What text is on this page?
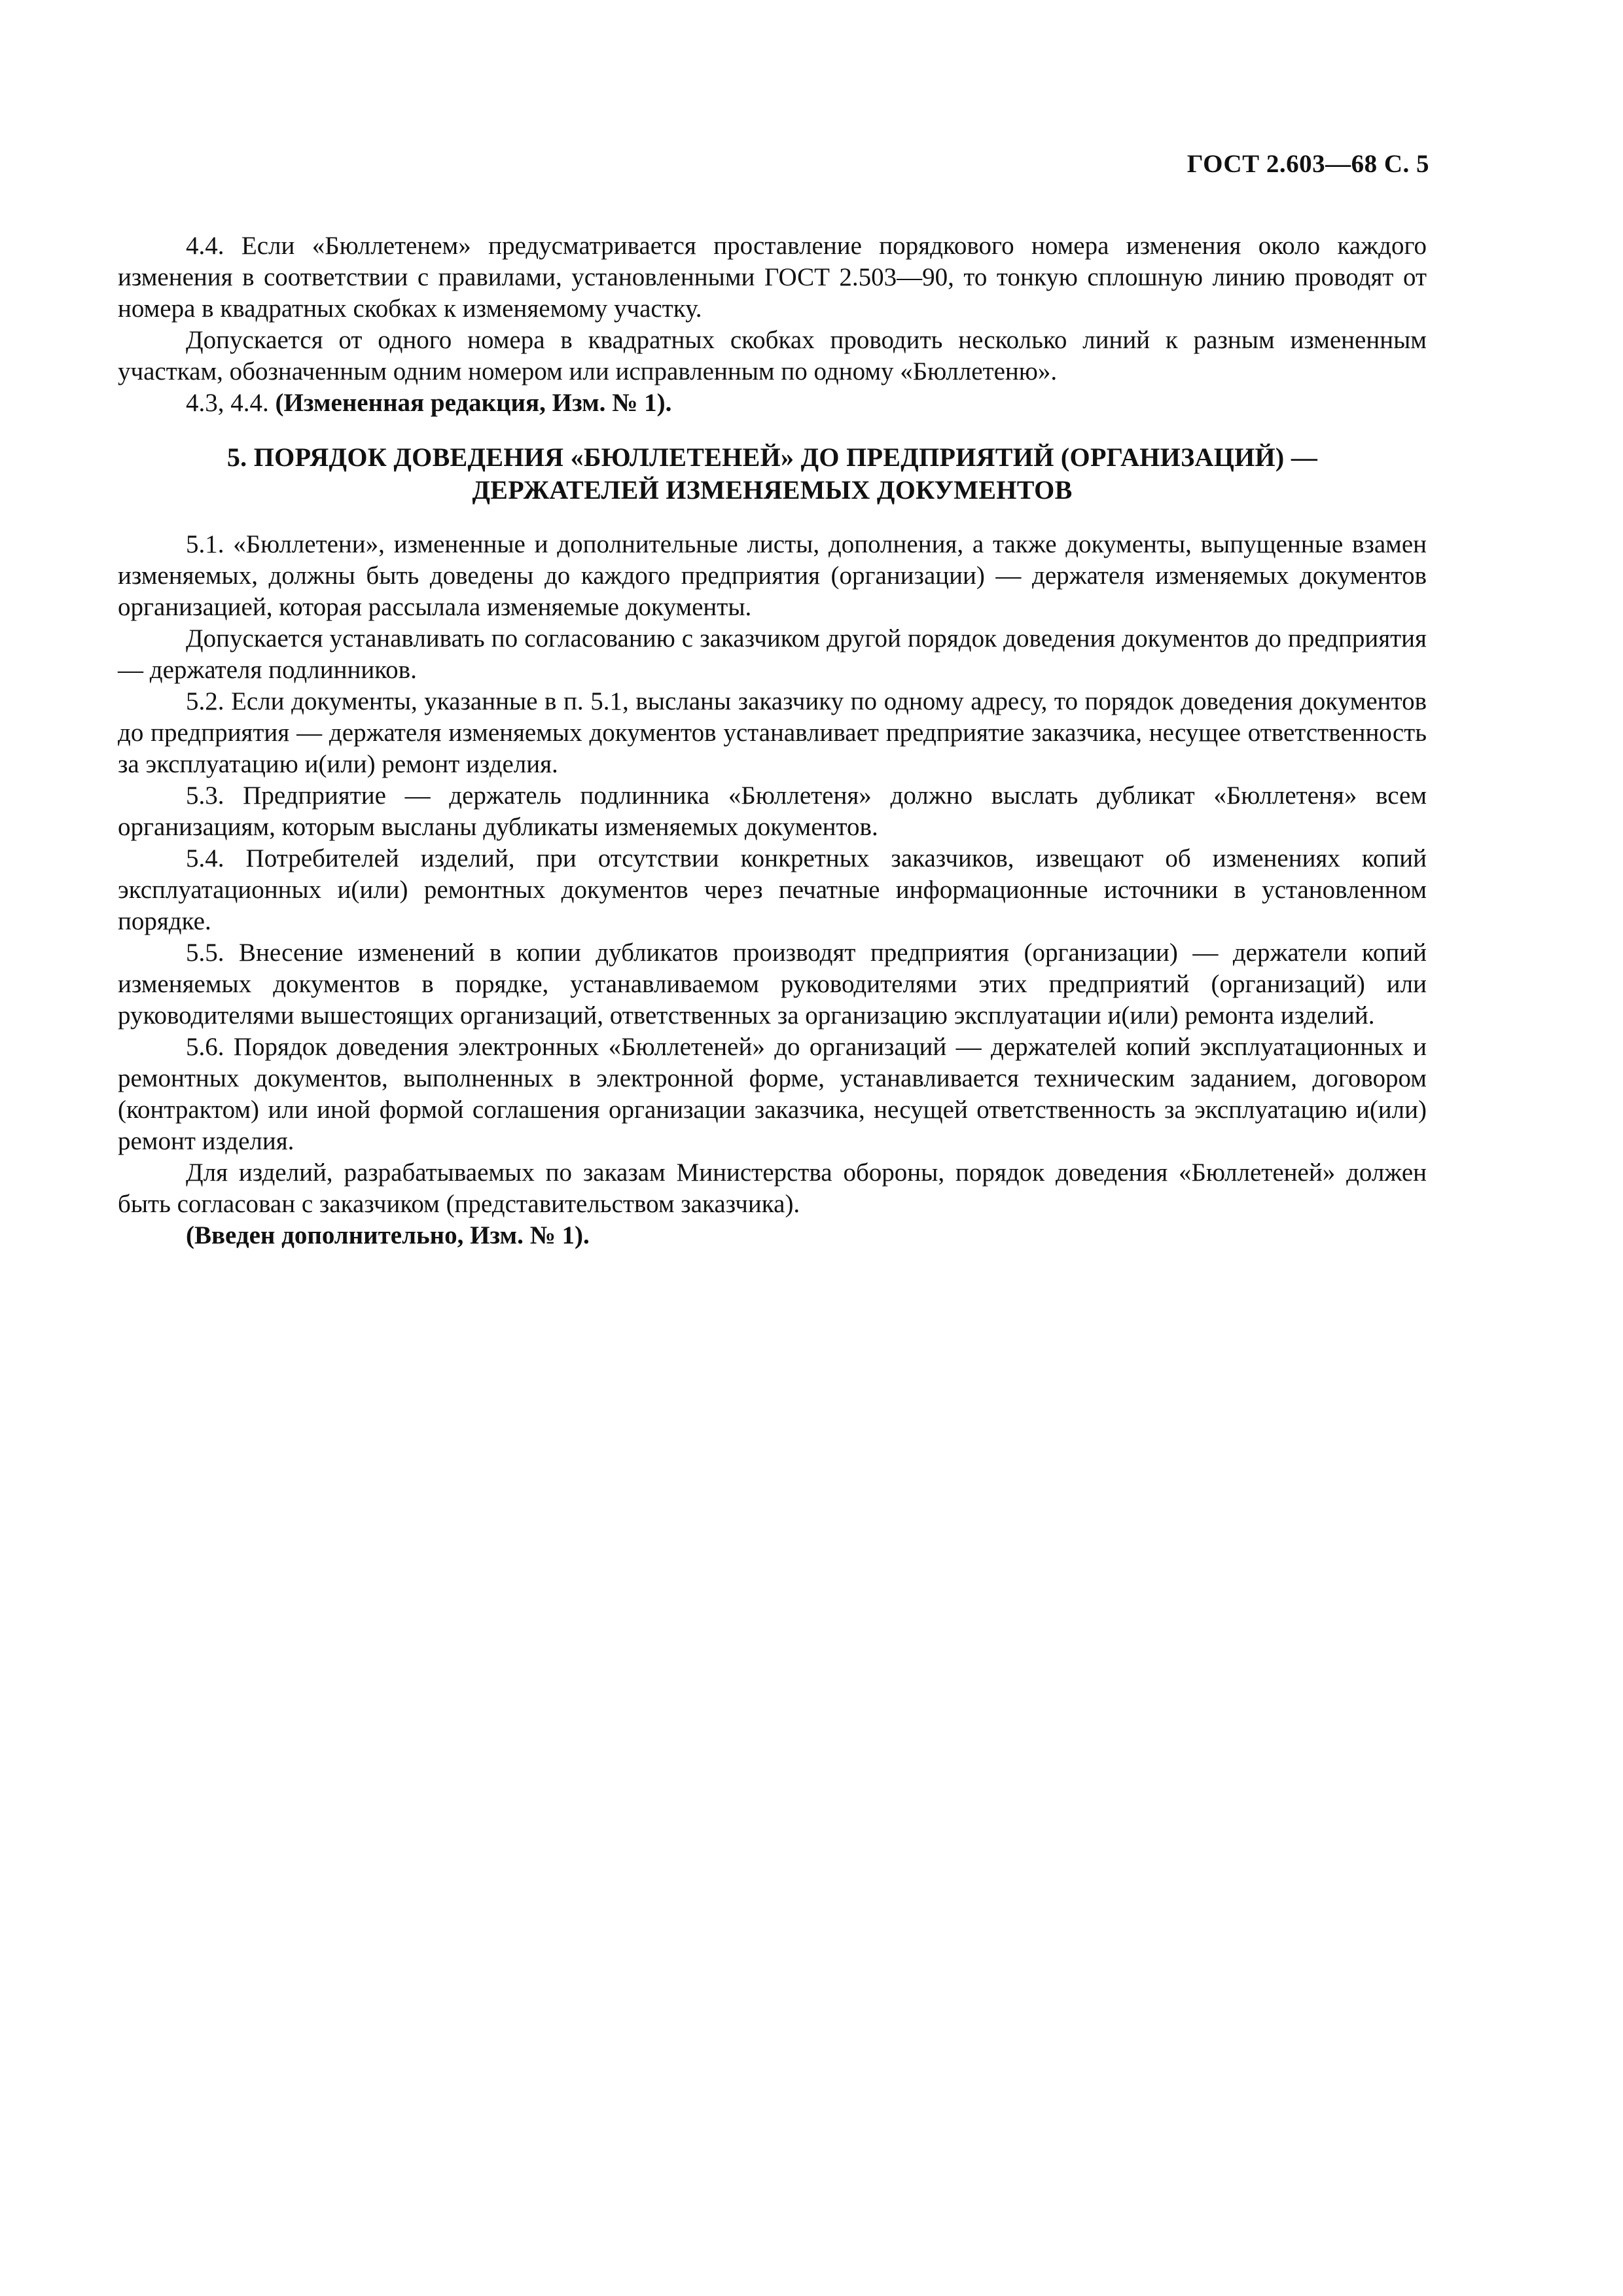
ГОСТ 2.603—68 С. 5

4.4. Если «Бюллетенем» предусматривается проставление порядкового номера изменения около каждого изменения в соответствии с правилами, установленными ГОСТ 2.503—90, то тонкую сплошную линию проводят от номера в квадратных скобках к изменяемому участку.

Допускается от одного номера в квадратных скобках проводить несколько линий к разным измененным участкам, обозначенным одним номером или исправленным по одному «Бюллетеню».

4.3, 4.4. (Измененная редакция, Изм. № 1).

5. ПОРЯДОК ДОВЕДЕНИЯ «БЮЛЛЕТЕНЕЙ» ДО ПРЕДПРИЯТИЙ (ОРГАНИЗАЦИЙ) —
ДЕРЖАТЕЛЕЙ ИЗМЕНЯЕМЫХ ДОКУМЕНТОВ

5.1. «Бюллетени», измененные и дополнительные листы, дополнения, а также документы, выпущенные взамен изменяемых, должны быть доведены до каждого предприятия (организации) — держателя изменяемых документов организацией, которая рассылала изменяемые документы.

Допускается устанавливать по согласованию с заказчиком другой порядок доведения документов до предприятия — держателя подлинников.

5.2. Если документы, указанные в п. 5.1, высланы заказчику по одному адресу, то порядок доведения документов до предприятия — держателя изменяемых документов устанавливает предприятие заказчика, несущее ответственность за эксплуатацию и(или) ремонт изделия.

5.3. Предприятие — держатель подлинника «Бюллетеня» должно выслать дубликат «Бюллетеня» всем организациям, которым высланы дубликаты изменяемых документов.

5.4. Потребителей изделий, при отсутствии конкретных заказчиков, извещают об изменениях копий эксплуатационных и(или) ремонтных документов через печатные информационные источники в установленном порядке.

5.5. Внесение изменений в копии дубликатов производят предприятия (организации) — держатели копий изменяемых документов в порядке, устанавливаемом руководителями этих предприятий (организаций) или руководителями вышестоящих организаций, ответственных за организацию эксплуатации и(или) ремонта изделий.

5.6. Порядок доведения электронных «Бюллетеней» до организаций — держателей копий эксплуатационных и ремонтных документов, выполненных в электронной форме, устанавливается техническим заданием, договором (контрактом) или иной формой соглашения организации заказчика, несущей ответственность за эксплуатацию и(или) ремонт изделия.

Для изделий, разрабатываемых по заказам Министерства обороны, порядок доведения «Бюллетеней» должен быть согласован с заказчиком (представительством заказчика).

(Введен дополнительно, Изм. № 1).
